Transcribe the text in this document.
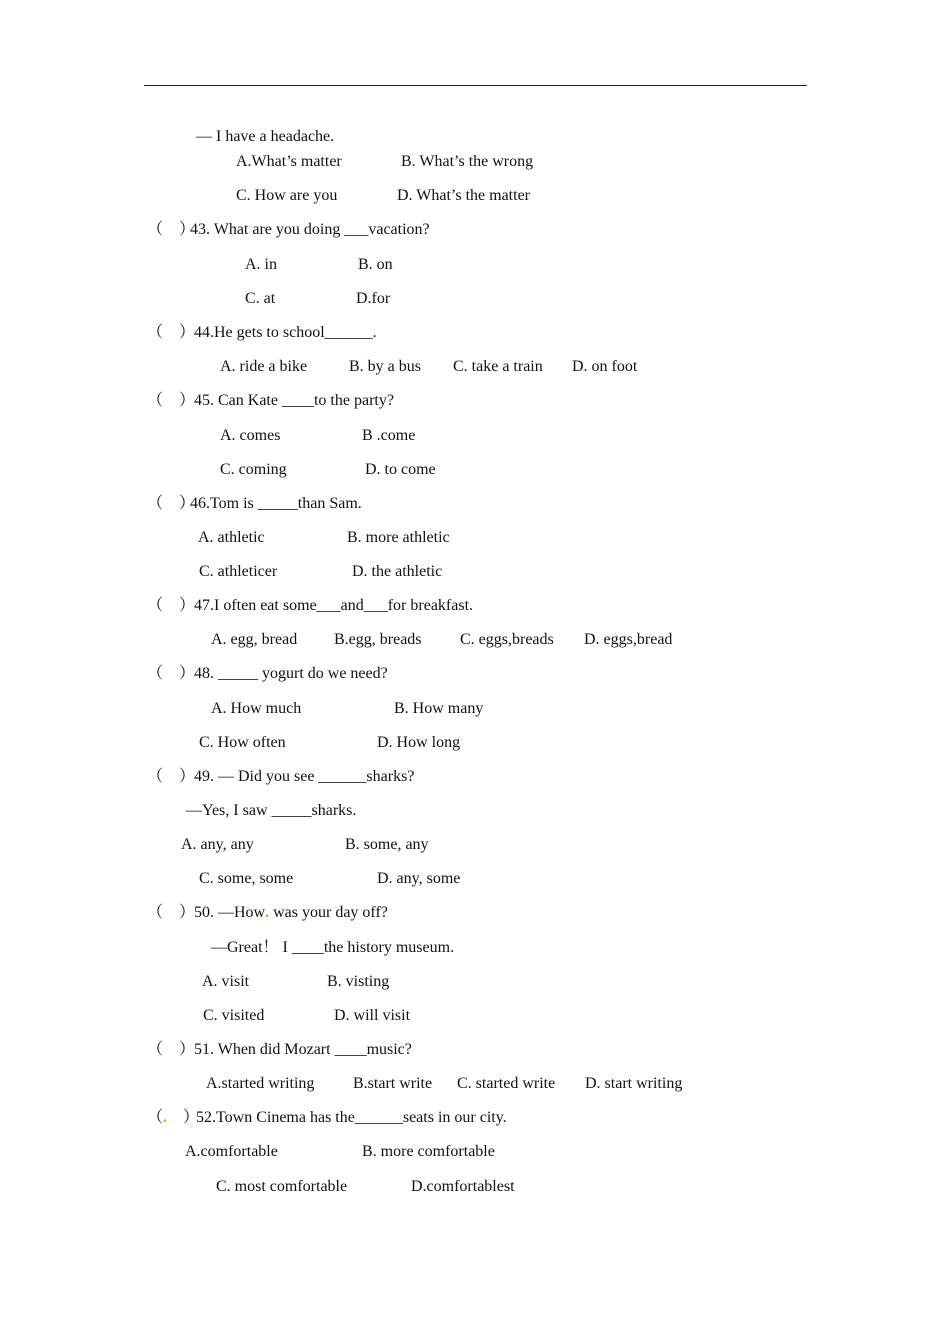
— I have a headache.
A.What’s matter	B. What’s the wrong
C. How are you	D. What’s the matter
（　）
43. What are you doing ___vacation?
A. in	B. on
C. at	D.for
（　）
44.He gets to school______.
A. ride a bike	B. by a bus C. take a train D. on foot
（　）
45. Can Kate ____to the party?
A. comes	B .come
C. coming	D. to come
（　）
46.Tom is _____than Sam.
A. athletic	B. more athletic
C. athleticer	D. the athletic
（　）
47.I often eat some___and___for breakfast.
A. egg, bread B.egg, breads C. eggs,breads D. eggs,bread
（　）
48. _____ yogurt do we need?
A. How much	B. How many
C. How often	D. How long
（　）
49. — Did you see ______sharks?
—Yes, I saw _____sharks.
A. any, any	B. some, any
C. some, some	D. any, some
（　）
50. —How. was your day off?
—Great！ I ____the history museum.
A. visit	B. visting
C. visited	D. will visit
（　）
51. When did Mozart ____music?
A.started writing B.start write C. started write D. start writing
（.　）
52.Town Cinema has the______seats in our city.
A.comfortable	B. more comfortable
C. most comfortable	D.comfortablest
